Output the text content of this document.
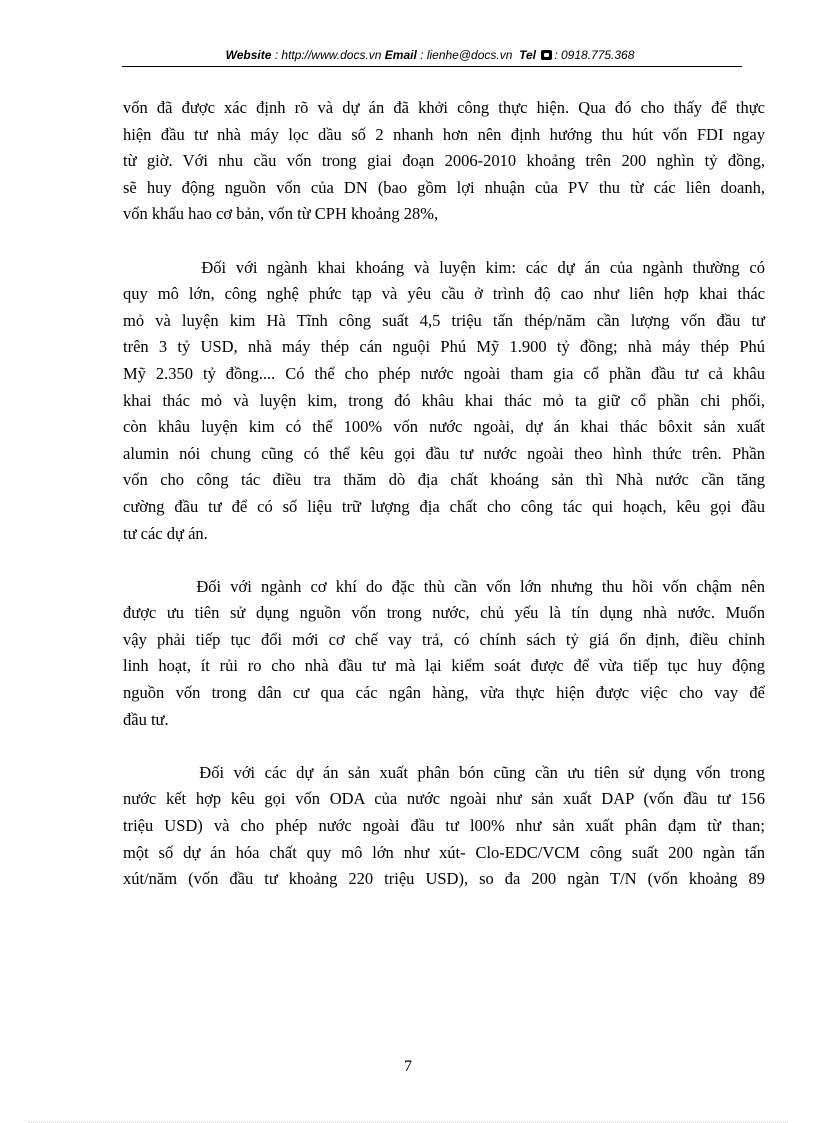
Website : http://www.docs.vn Email : lienhe@docs.vn Tel : 0918.775.368

vốn đã được xác định rõ và dự án đã khởi công thực hiện. Qua đó cho thấy để thực
hiện đầu tư nhà máy lọc dầu số 2 nhanh hơn nên định hướng thu hút vốn FDI ngay
từ giờ. Với nhu cầu vốn trong giai đoạn 2006-2010 khoảng trên 200 nghìn tỷ đồng,
sẽ huy động nguồn vốn của DN (bao gồm lợi nhuận của PV thu từ các liên doanh,
vốn khấu hao cơ bản, vốn từ CPH khoảng 28%,

Đối với ngành khai khoáng và luyện kim: các dự án của ngành thường có
quy mô lớn, công nghệ phức tạp và yêu cầu ở trình độ cao như liên hợp khai thác
mỏ và luyện kim Hà Tĩnh công suất 4,5 triệu tấn thép/năm cần lượng vốn đầu tư
trên 3 tỷ USD, nhà máy thép cán nguội Phú Mỹ 1.900 tỷ đồng; nhà máy thép Phú
Mỹ 2.350 tỷ đồng.... Có thể cho phép nước ngoài tham gia cổ phần đầu tư cả khâu
khai thác mỏ và luyện kim, trong đó khâu khai thác mỏ ta giữ cổ phần chi phối,
còn khâu luyện kim có thể 100% vốn nước ngoài, dự án khai thác bôxit sản xuất
alumin nói chung cũng có thể kêu gọi đầu tư nước ngoài theo hình thức trên. Phần
vốn cho công tác điều tra thăm dò địa chất khoáng sản thì Nhà nước cần tăng
cường đầu tư để có số liệu trữ lượng địa chất cho công tác qui hoạch, kêu gọi đầu
tư các dự án.

Đối với ngành cơ khí do đặc thù cần vốn lớn nhưng thu hồi vốn chậm nên
được ưu tiên sử dụng nguồn vốn trong nước, chủ yếu là tín dụng nhà nước. Muốn
vậy phải tiếp tục đổi mới cơ chế vay trả, có chính sách tỷ giá ổn định, điều chỉnh
linh hoạt, ít rủi ro cho nhà đầu tư mà lại kiểm soát được để vừa tiếp tục huy động
nguồn vốn trong dân cư qua các ngân hàng, vừa thực hiện được việc cho vay để
đầu tư.

Đối với các dự án sản xuất phân bón cũng cần ưu tiên sử dụng vốn trong
nước kết hợp kêu gọi vốn ODA của nước ngoài như sản xuất DAP (vốn đầu tư 156
triệu USD) và cho phép nước ngoài đầu tư l00% như sản xuất phân đạm từ than;
một số dự án hóa chất quy mô lớn như xút- Clo-EDC/VCM công suất 200 ngàn tấn
xút/năm (vốn đầu tư khoảng 220 triệu USD), so đa 200 ngàn T/N (vốn khoảng 89

7
